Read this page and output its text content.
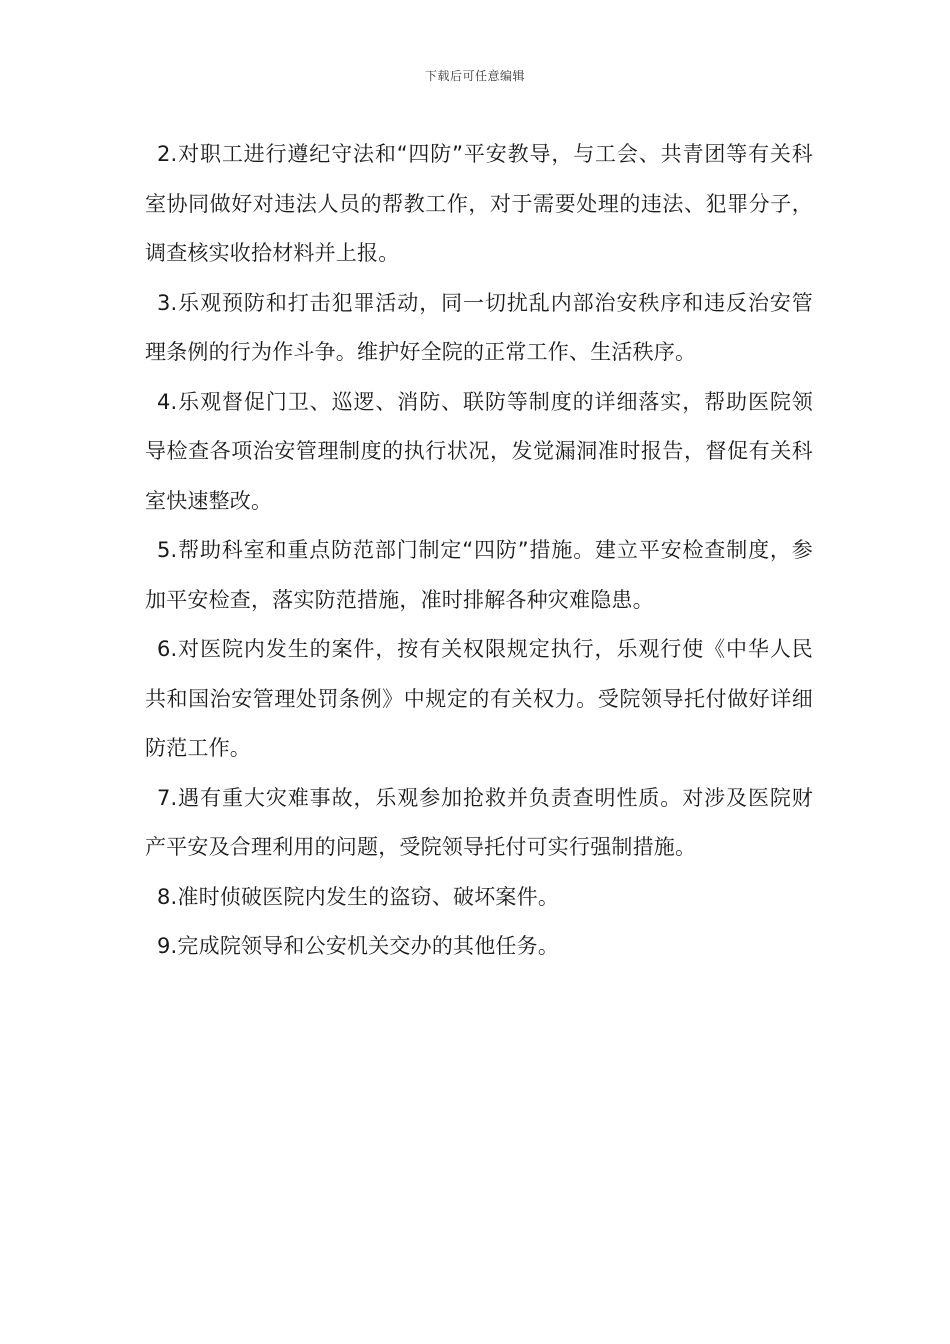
下载后可任意编辑

2.对职工进行遵纪守法和“四防”平安教导，与工会、共青团等有关科室协同做好对违法人员的帮教工作，对于需要处理的违法、犯罪分子，调查核实收拾材料并上报。

3.乐观预防和打击犯罪活动，同一切扰乱内部治安秩序和违反治安管理条例的行为作斗争。维护好全院的正常工作、生活秩序。

4.乐观督促门卫、巡逻、消防、联防等制度的详细落实，帮助医院领导检查各项治安管理制度的执行状况，发觉漏洞准时报告，督促有关科室快速整改。

5.帮助科室和重点防范部门制定“四防”措施。建立平安检查制度，参加平安检查，落实防范措施，准时排解各种灾难隐患。

6.对医院内发生的案件，按有关权限规定执行，乐观行使《中华人民共和国治安管理处罚条例》中规定的有关权力。受院领导托付做好详细防范工作。

7.遇有重大灾难事故，乐观参加抢救并负责查明性质。对涉及医院财产平安及合理利用的问题，受院领导托付可实行强制措施。

8.准时侦破医院内发生的盗窃、破坏案件。

9.完成院领导和公安机关交办的其他任务。
